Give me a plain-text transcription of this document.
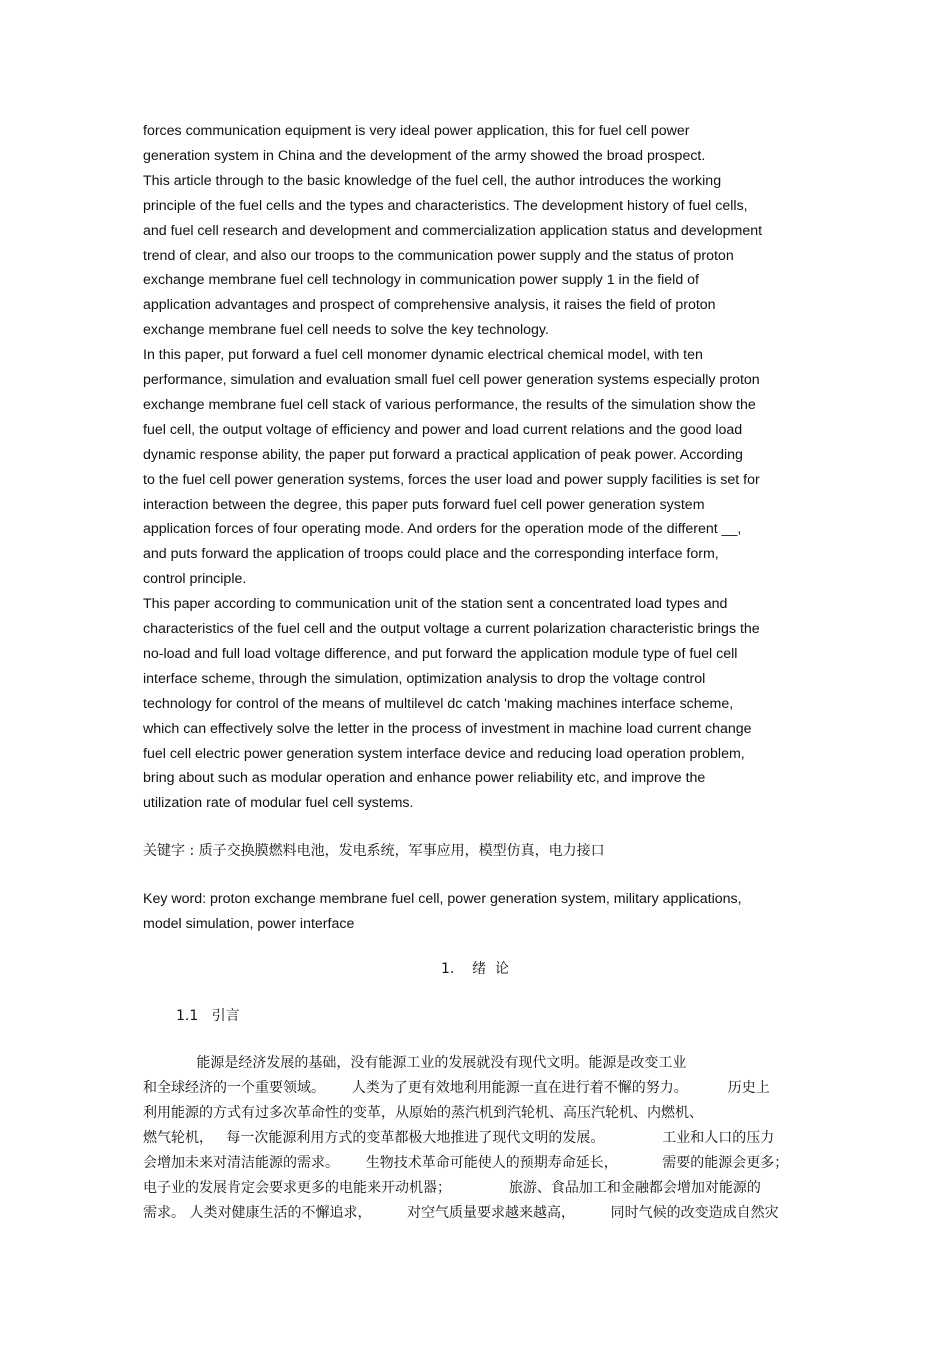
forces communication equipment is very ideal power application, this for fuel cell power
generation system in China and the development of the army showed the broad prospect.
This article through to the basic knowledge of the fuel cell, the author introduces the working
principle of the fuel cells and the types and characteristics. The development history of fuel cells,
and fuel cell research and development and commercialization application status and development
trend of clear, and also our troops to the communication power supply and the status of proton
exchange membrane fuel cell technology in communication power supply 1 in the field of
application advantages and prospect of comprehensive analysis, it raises the field of proton
exchange membrane fuel cell needs to solve the key technology.
In this paper, put forward a fuel cell monomer dynamic electrical chemical model, with ten
performance, simulation and evaluation small fuel cell power generation systems especially proton
exchange membrane fuel cell stack of various performance, the results of the simulation show the
fuel cell, the output voltage of efficiency and power and load current relations and the good load
dynamic response ability, the paper put forward a practical application of peak power. According
to the fuel cell power generation systems, forces the user load and power supply facilities is set for
interaction between the degree, this paper puts forward fuel cell power generation system
application forces of four operating mode. And orders for the operation mode of the different __,
and puts forward the application of troops could place and the corresponding interface form,
control principle.
This paper according to communication unit of the station sent a concentrated load types and
characteristics of the fuel cell and the output voltage a current polarization characteristic brings the
no-load and full load voltage difference, and put forward the application module type of fuel cell
interface scheme, through the simulation, optimization analysis to drop the voltage control
technology for control of the means of multilevel dc catch 'making machines interface scheme,
which can effectively solve the letter in the process of investment in machine load current change
fuel cell electric power generation system interface device and reducing load operation problem,
bring about such as modular operation and enhance power reliability etc, and improve the
utilization rate of modular fuel cell systems.
关键字 : 质子交换膜燃料电池，发电系统，军事应用，模型仿真，电力接口
Key word: proton exchange membrane fuel cell, power generation system, military applications,
model simulation, power interface
1.    绪  论
1.1   引言
能源是经济发展的基础，没有能源工业的发展就没有现代文明。能源是改变工业
和全球经济的一个重要领域。      人类为了更有效地利用能源一直在进行着不懈的努力。         历史上
利用能源的方式有过多次革命性的变革，从原始的蒸汽机到汽轮机、高压汽轮机、内燃机、
燃气轮机，   每一次能源利用方式的变革都极大地推进了现代文明的发展。             工业和人口的压力
会增加未来对清洁能源的需求。      生物技术革命可能使人的预期寿命延长，          需要的能源会更多；
电子业的发展肯定会要求更多的电能来开动机器；             旅游、食品加工和金融都会增加对能源的
需求。 人类对健康生活的不懈追求，        对空气质量要求越来越高，        同时气候的改变造成自然灾
